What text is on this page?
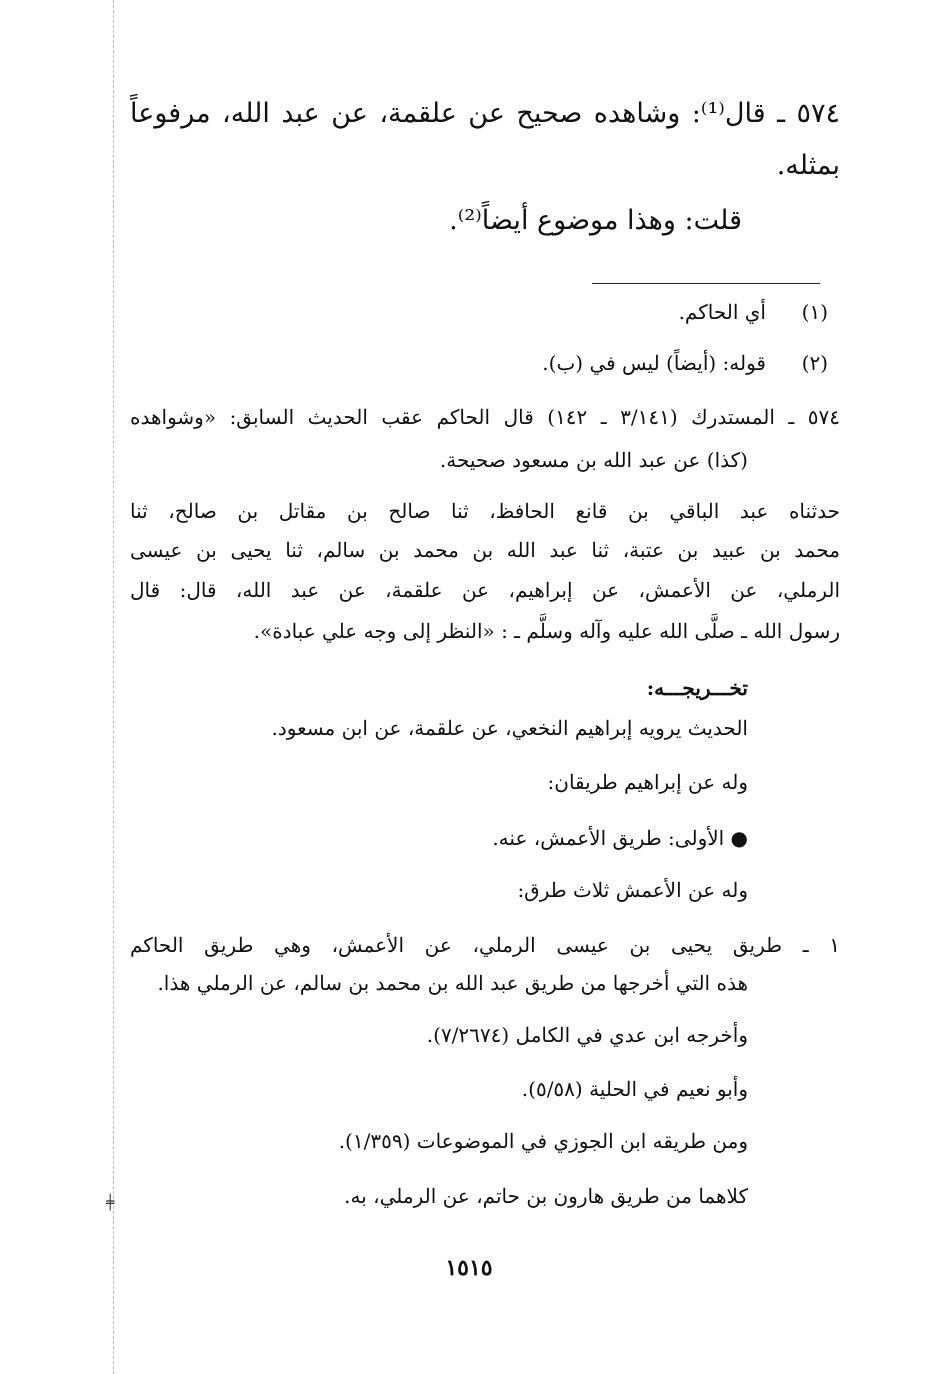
╪
٥٧٤ ـ قال⁽¹⁾: وشاهده صحيح عن علقمة، عن عبد الله، مرفوعاً
بمثله.
قلت: وهذا موضوع أيضاً⁽²⁾.
(١)أي الحاكم.
(٢)قوله: (أيضاً) ليس في (ب).
٥٧٤ ـ المستدرك (٣/١٤١ ـ ١٤٢) قال الحاكم عقب الحديث السابق: «وشواهده
(كذا) عن عبد الله بن مسعود صحيحة.
حدثناه عبد الباقي بن قانع الحافظ، ثنا صالح بن مقاتل بن صالح، ثنا
محمد بن عبيد بن عتبة، ثنا عبد الله بن محمد بن سالم، ثنا يحيى بن عيسى
الرملي، عن الأعمش، عن إبراهيم، عن علقمة، عن عبد الله، قال: قال
رسول الله ـ صلَّى الله عليه وآله وسلَّم ـ : «النظر إلى وجه علي عبادة».
تخـــريجـــه:
الحديث يرويه إبراهيم النخعي، عن علقمة، عن ابن مسعود.
وله عن إبراهيم طريقان:
● الأولى: طريق الأعمش، عنه.
وله عن الأعمش ثلاث طرق:
١ ـ طريق يحيى بن عيسى الرملي، عن الأعمش، وهي طريق الحاكم
هذه التي أخرجها من طريق عبد الله بن محمد بن سالم، عن الرملي هذا.
وأخرجه ابن عدي في الكامل (٧/٢٦٧٤).
وأبو نعيم في الحلية (٥/٥٨).
ومن طريقه ابن الجوزي في الموضوعات (١/٣٥٩).
كلاهما من طريق هارون بن حاتم، عن الرملي، به.
١٥١٥
